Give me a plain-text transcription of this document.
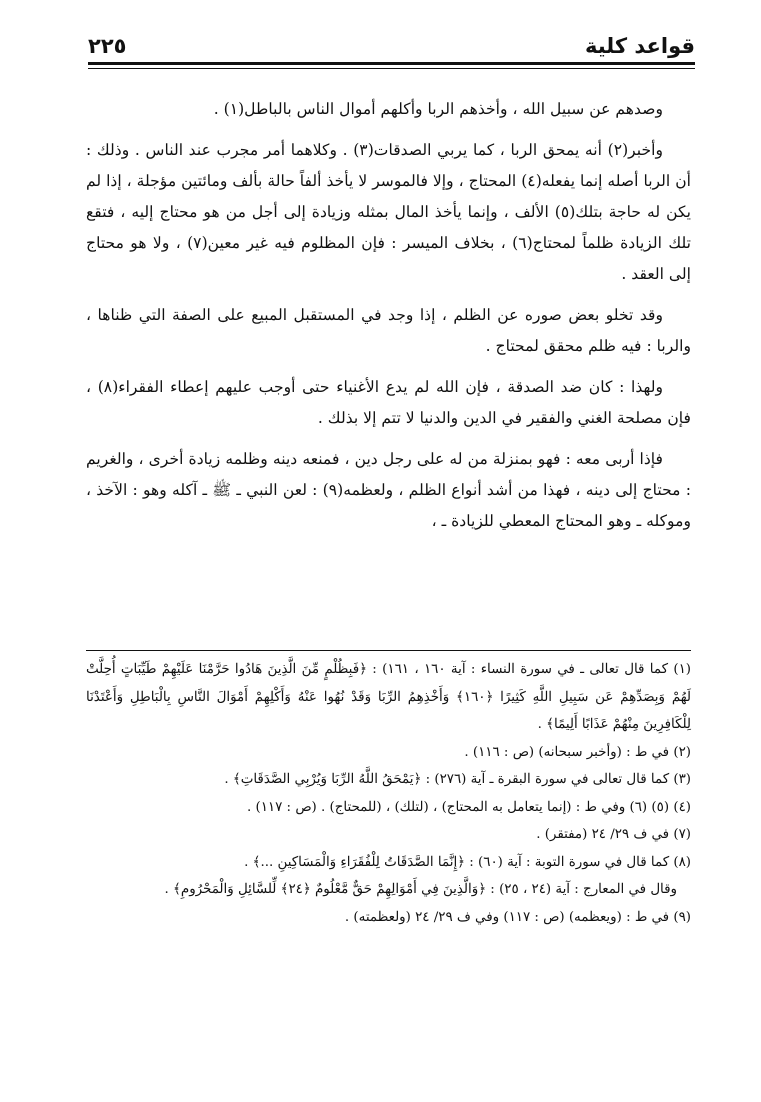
قواعد كلية
٢٢٥

وصدهم عن سبيل الله ، وأخذهم الربا وأكلهم أموال الناس بالباطل(١) .

وأخبر(٢) أنه يمحق الربا ، كما يربي الصدقات(٣) . وكلاهما أمر مجرب عند الناس . وذلك : أن الربا أصله إنما يفعله(٤) المحتاج ، وإلا فالموسر لا يأخذ ألفاً حالة بألف ومائتين مؤجلة ، إذا لم يكن له حاجة بتلك(٥) الألف ، وإنما يأخذ المال بمثله وزيادة إلى أجل من هو محتاج إليه ، فتقع تلك الزيادة ظلماً لمحتاج(٦) ، بخلاف الميسر : فإن المظلوم فيه غير معين(٧) ، ولا هو محتاج إلى العقد .

وقد تخلو بعض صوره عن الظلم ، إذا وجد في المستقبل المبيع على الصفة التي ظناها ، والربا : فيه ظلم محقق لمحتاج .

ولهذا : كان ضد الصدقة ، فإن الله لم يدع الأغنياء حتى أوجب عليهم إعطاء الفقراء(٨) ، فإن مصلحة الغني والفقير في الدين والدنيا لا تتم إلا بذلك .

فإذا أربى معه : فهو بمنزلة من له على رجل دين ، فمنعه دينه وظلمه زيادة أخرى ، والغريم : محتاج إلى دينه ، فهذا من أشد أنواع الظلم ، ولعظمه(٩) : لعن النبي ـ ﷺ ـ آكله وهو : الآخذ ، وموكله ـ وهو المحتاج المعطي للزيادة ـ ،

(١) كما قال تعالى ـ في سورة النساء : آية ١٦٠ ، ١٦١) : ﴿فَبِظُلْمٍ مِّنَ الَّذِينَ هَادُوا حَرَّمْنَا عَلَيْهِمْ طَيِّبَاتٍ أُحِلَّتْ لَهُمْ وَبِصَدِّهِمْ عَن سَبِيلِ اللَّهِ كَثِيرًا ﴿١٦٠﴾ وَأَخْذِهِمُ الرِّبَا وَقَدْ نُهُوا عَنْهُ وَأَكْلِهِمْ أَمْوَالَ النَّاسِ بِالْبَاطِلِ وَأَعْتَدْنَا لِلْكَافِرِينَ مِنْهُمْ عَذَابًا أَلِيمًا﴾ .

(٢) في ط : (وأخبر سبحانه) (ص : ١١٦) .

(٣) كما قال تعالى في سورة البقرة ـ آية (٢٧٦) : ﴿يَمْحَقُ اللَّهُ الرِّبَا وَيُرْبِي الصَّدَقَاتِ﴾ .

(٤) (٥) (٦) وفي ط : (إنما يتعامل به المحتاج) ، (لتلك) ، (للمحتاج) . (ص : ١١٧) .

(٧) في ف ٢٩/ ٢٤ (مفتقر) .

(٨) كما قال في سورة التوبة : آية (٦٠) : ﴿إِنَّمَا الصَّدَقَاتُ لِلْفُقَرَاءِ وَالْمَسَاكِينِ ...﴾ .

وقال في المعارج : آية (٢٤ ، ٢٥) : ﴿وَالَّذِينَ فِي أَمْوَالِهِمْ حَقٌّ مَّعْلُومٌ ﴿٢٤﴾ لِّلسَّائِلِ وَالْمَحْرُومِ﴾ .

(٩) في ط : (ويعظمه) (ص : ١١٧) وفي ف ٢٩/ ٢٤ (ولعظمته) .
